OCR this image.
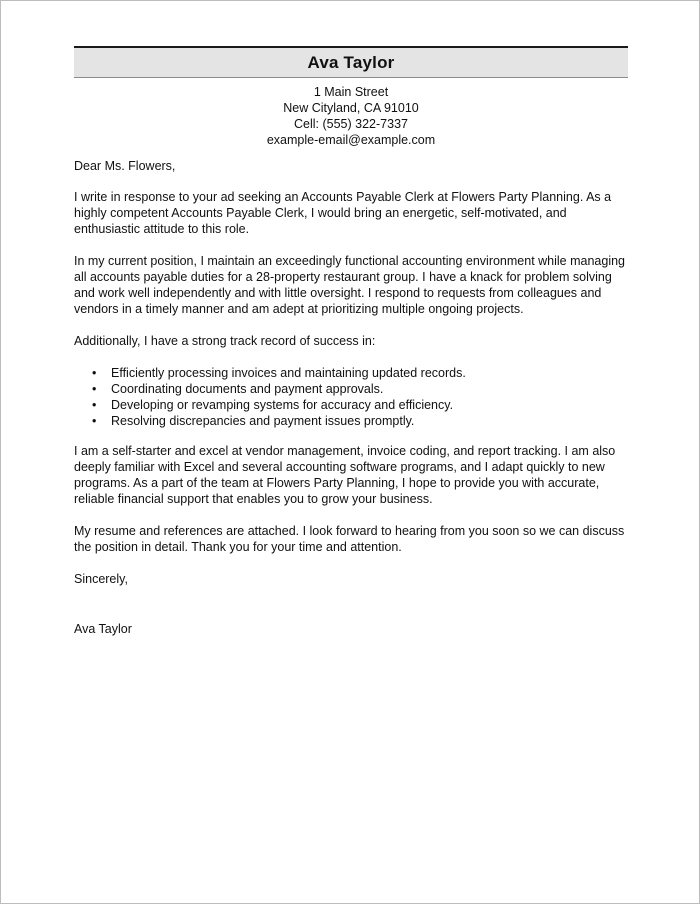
Ava Taylor
1 Main Street
New Cityland, CA 91010
Cell: (555) 322-7337
example-email@example.com

Dear Ms. Flowers,

I write in response to your ad seeking an Accounts Payable Clerk at Flowers Party Planning. As a highly competent Accounts Payable Clerk, I would bring an energetic, self-motivated, and enthusiastic attitude to this role.

In my current position, I maintain an exceedingly functional accounting environment while managing all accounts payable duties for a 28-property restaurant group. I have a knack for problem solving and work well independently and with little oversight. I respond to requests from colleagues and vendors in a timely manner and am adept at prioritizing multiple ongoing projects.

Additionally, I have a strong track record of success in:

• Efficiently processing invoices and maintaining updated records.
• Coordinating documents and payment approvals.
• Developing or revamping systems for accuracy and efficiency.
• Resolving discrepancies and payment issues promptly.

I am a self-starter and excel at vendor management, invoice coding, and report tracking. I am also deeply familiar with Excel and several accounting software programs, and I adapt quickly to new programs. As a part of the team at Flowers Party Planning, I hope to provide you with accurate, reliable financial support that enables you to grow your business.

My resume and references are attached. I look forward to hearing from you soon so we can discuss the position in detail. Thank you for your time and attention.

Sincerely,

Ava Taylor
